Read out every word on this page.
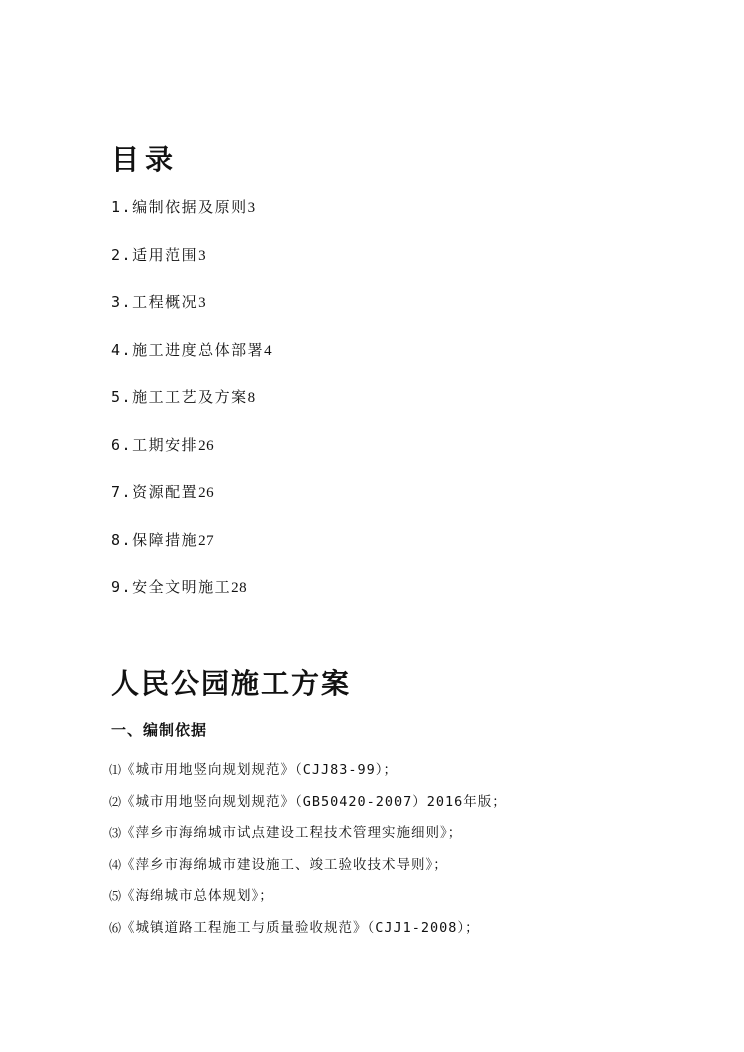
目录
1.编制依据及原则3
2.适用范围3
3.工程概况3
4.施工进度总体部署4
5.施工工艺及方案8
6.工期安排26
7.资源配置26
8.保障措施27
9.安全文明施工28
人民公园施工方案
一、编制依据
⑴《城市用地竖向规划规范》（CJJ83-99）；
⑵《城市用地竖向规划规范》（GB50420-2007）2016年版；
⑶《萍乡市海绵城市试点建设工程技术管理实施细则》；
⑷《萍乡市海绵城市建设施工、竣工验收技术导则》；
⑸《海绵城市总体规划》；
⑹《城镇道路工程施工与质量验收规范》（CJJ1-2008）；
